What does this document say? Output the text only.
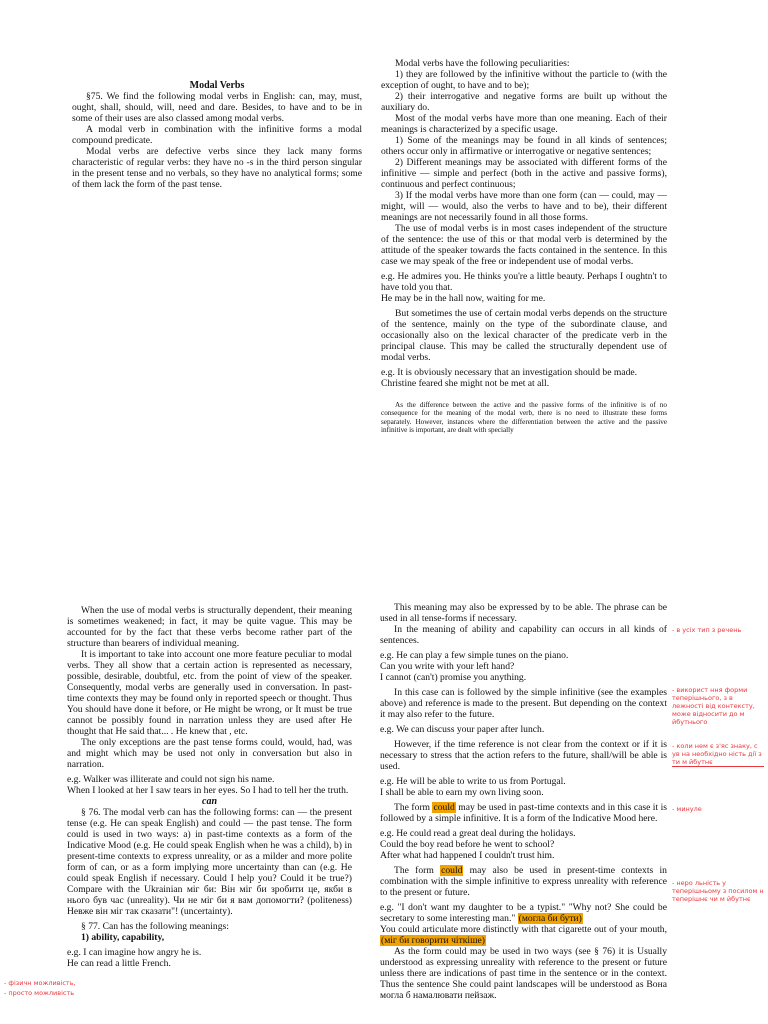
Modal Verbs

§75. We find the following modal verbs in English: can, may, must, ought, shall, should, will, need and dare. Besides, to have and to be in some of their uses are also classed among modal verbs.

A modal verb in combination with the infinitive forms a modal compound predicate.

Modal verbs are defective verbs since they lack many forms characteristic of regular verbs: they have no -s in the third person singular in the present tense and no verbals, so they have no analytical forms; some of them lack the form of the past tense.

Modal verbs have the following peculiarities:

1) they are followed by the infinitive without the particle to (with the exception of ought, to have and to be);

2) their interrogative and negative forms are built up without the auxiliary do.

Most of the modal verbs have more than one meaning. Each of their meanings is characterized by a specific usage.

1) Some of the meanings may be found in all kinds of sentences; others occur only in affirmative or interrogative or negative sentences;

2) Different meanings may be associated with different forms of the infinitive — simple and perfect (both in the active and passive forms), continuous and perfect continuous;

3) If the modal verbs have more than one form (can — could, may — might, will — would, also the verbs to have and to be), their different meanings are not necessarily found in all those forms.

The use of modal verbs is in most cases independent of the structure of the sentence: the use of this or that modal verb is determined by the attitude of the speaker towards the facts contained in the sentence. In this case we may speak of the free or independent use of modal verbs.

e.g. He admires you. He thinks you're a little beauty. Perhaps I oughtn't to have told you that.

He may be in the hall now, waiting for me.

But sometimes the use of certain modal verbs depends on the structure of the sentence, mainly on the type of the subordinate clause, and occasionally also on the lexical character of the predicate verb in the principal clause. This may be called the structurally dependent use of modal verbs.

e.g. It is obviously necessary that an investigation should be made.

Christine feared she might not be met at all.

As the difference between the active and the passive forms of the infinitive is of no consequence for the meaning of the modal verb, there is no need to illustrate these forms separately. However, instances where the differentiation between the active and the passive infinitive is important, are dealt with specially

When the use of modal verbs is structurally dependent, their meaning is sometimes weakened; in fact, it may be quite vague. This may be accounted for by the fact that these verbs become rather part of the structure than bearers of individual meaning.

It is important to take into account one more feature peculiar to modal verbs. They all show that a certain action is represented as necessary, possible, desirable, doubtful, etc. from the point of view of the speaker. Consequently, modal verbs are generally used in conversation. In past-time contexts they may be found only in reported speech or thought. Thus You should have done it before, or He might be wrong, or It must be true cannot be possibly found in narration unless they are used after He thought that He said that... . He knew that , etc.

The only exceptions are the past tense forms could, would, had, was and might which may be used not only in conversation but also in narration.

e.g. Walker was illiterate and could not sign his name.

When I looked at her I saw tears in her eyes. So I had to tell her the truth.

can

§ 76. The modal verb can has the following forms: can — the present tense (e.g. He can speak English) and could — the past tense. The form could is used in two ways: a) in past-time contexts as a form of the Indicative Mood (e.g. He could speak English when he was a child), b) in present-time contexts to express unreality, or as a milder and more polite form of can, or as a form implying more uncertainty than can (e.g. He could speak English if necessary. Could I help you? Could it be true?) Compare with the Ukrainian міг би: Він міг би зробити це, якби в нього був час (unreality). Чи не міг би я вам допомогти? (politeness) Невже він міг так сказати"! (uncertainty).

§ 77. Can has the following meanings:

1) ability, capability,

e.g. I can imagine how angry he is.

He can read a little French.

This meaning may also be expressed by to be able. The phrase can be used in all tense-forms if necessary.

In the meaning of ability and capability can occurs in all kinds of sentences.

e.g. He can play a few simple tunes on the piano.

Can you write with your left hand?

I cannot (can't) promise you anything.

In this case can is followed by the simple infinitive (see the examples above) and reference is made to the present. But depending on the context it may also refer to the future.

e.g. We can discuss your paper after lunch.

However, if the time reference is not clear from the context or if it is necessary to stress that the action refers to the future, shall/will be able is used.

e.g. He will be able to write to us from Portugal.

I shall be able to earn my own living soon.

The form could may be used in past-time contexts and in this case it is followed by a simple infinitive. It is a form of the Indicative Mood here.

e.g. He could read a great deal during the holidays.

Could the boy read before he went to school?

After what had happened I couldn't trust him.

The form could may also be used in present-time contexts in combination with the simple infinitive to express unreality with reference to the present or future.

e.g. "I don't want my daughter to be a typist." "Why not? She could be secretary to some interesting man." (могла би бути)

You could articulate more distinctly with that cigarette out of your mouth, (міг би говорити чіткіше)

As the form could may be used in two ways (see § 76) it is Usually understood as expressing unreality with reference to the present or future unless there are indications of past time in the sentence or in the context. Thus the sentence She could paint landscapes will be understood as Вона могла б намалювати пейзаж.

- в усіх тип з речень
- використ ння форми теперішнього, з в лежності від контексту, може відносити до м йбутнього
- коли нем є з'яс знаку, с ув на необхідно ність дії з ти м йбутнє
- минуле
- неро льність у теперішньому з посилом н теперішнє чи м йбутнє
- фізичн можливість,
- просто можливість
